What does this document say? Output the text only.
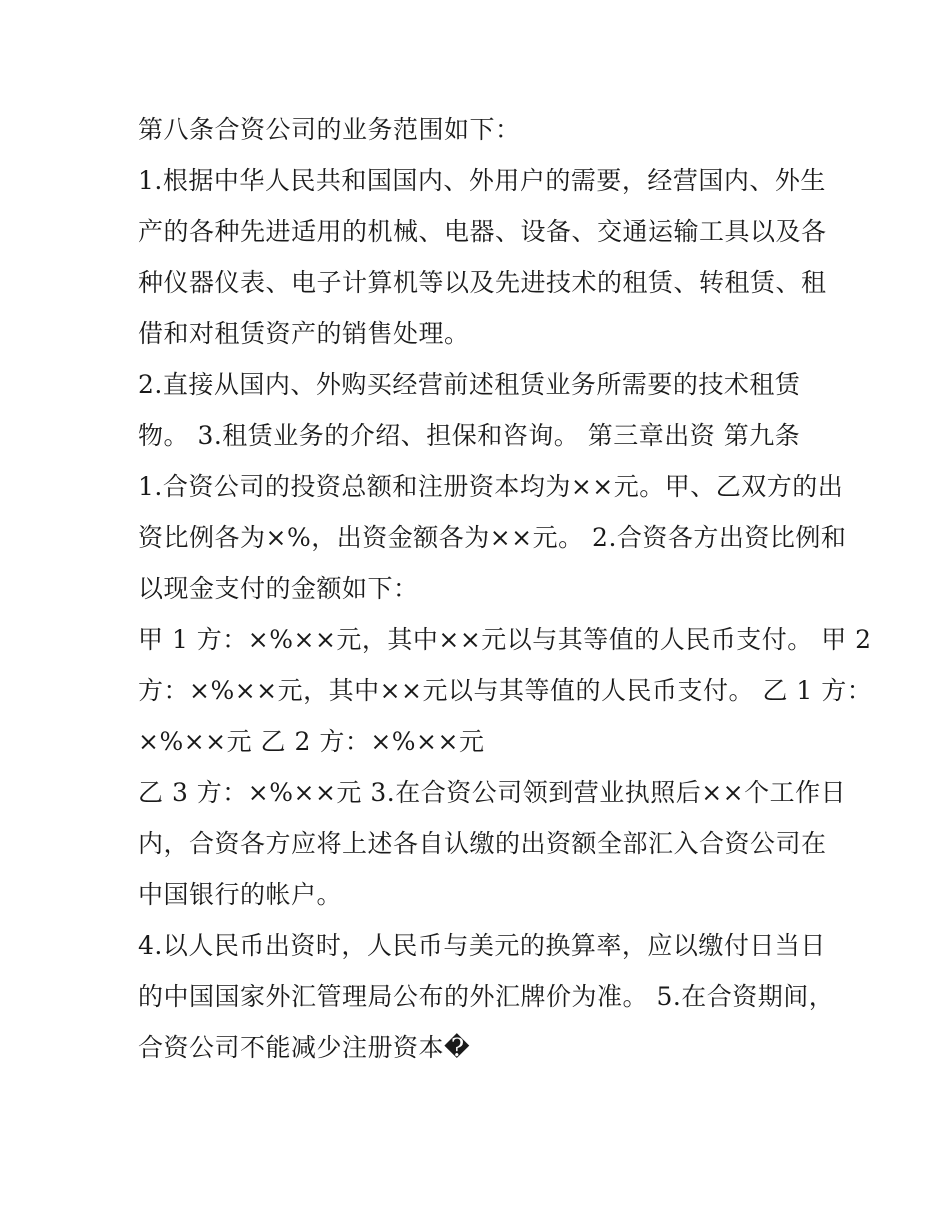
第八条合资公司的业务范围如下：
1.根据中华人民共和国国内、外用户的需要，经营国内、外生
产的各种先进适用的机械、电器、设备、交通运输工具以及各
种仪器仪表、电子计算机等以及先进技术的租赁、转租赁、租
借和对租赁资产的销售处理。
2.直接从国内、外购买经营前述租赁业务所需要的技术租赁
物。 3.租赁业务的介绍、担保和咨询。 第三章出资 第九条
1.合资公司的投资总额和注册资本均为××元。甲、乙双方的出
资比例各为×%，出资金额各为××元。 2.合资各方出资比例和
以现金支付的金额如下：
甲 1 方：×%××元，其中××元以与其等值的人民币支付。 甲 2
方：×%××元，其中××元以与其等值的人民币支付。 乙 1 方：
×%××元 乙 2 方：×%××元
乙 3 方：×%××元 3.在合资公司领到营业执照后××个工作日
内，合资各方应将上述各自认缴的出资额全部汇入合资公司在
中国银行的帐户。
4.以人民币出资时，人民币与美元的换算率，应以缴付日当日
的中国国家外汇管理局公布的外汇牌价为准。 5.在合资期间，
合资公司不能减少注册资本�
